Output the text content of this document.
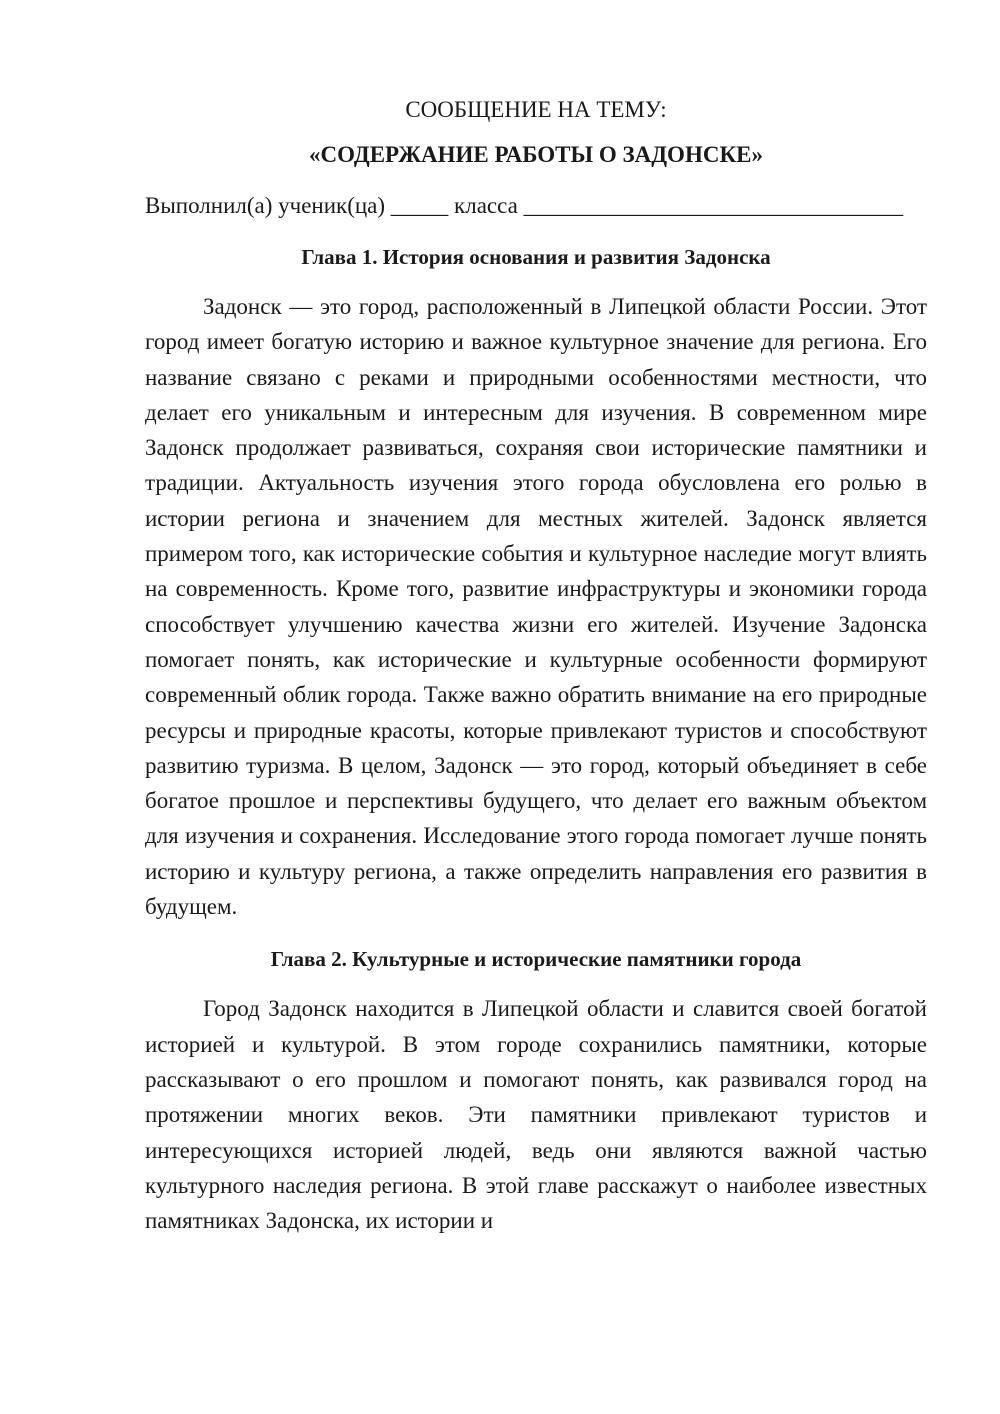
СООБЩЕНИЕ НА ТЕМУ:

«СОДЕРЖАНИЕ РАБОТЫ О ЗАДОНСКЕ»

Выполнил(а) ученик(ца) _____ класса _________________________________

Глава 1. История основания и развития Задонска

Задонск — это город, расположенный в Липецкой области России. Этот город имеет богатую историю и важное культурное значение для региона. Его название связано с реками и природными особенностями местности, что делает его уникальным и интересным для изучения. В современном мире Задонск продолжает развиваться, сохраняя свои исторические памятники и традиции. Актуальность изучения этого города обусловлена его ролью в истории региона и значением для местных жителей. Задонск является примером того, как исторические события и культурное наследие могут влиять на современность. Кроме того, развитие инфраструктуры и экономики города способствует улучшению качества жизни его жителей. Изучение Задонска помогает понять, как исторические и культурные особенности формируют современный облик города. Также важно обратить внимание на его природные ресурсы и природные красоты, которые привлекают туристов и способствуют развитию туризма. В целом, Задонск — это город, который объединяет в себе богатое прошлое и перспективы будущего, что делает его важным объектом для изучения и сохранения. Исследование этого города помогает лучше понять историю и культуру региона, а также определить направления его развития в будущем.

Глава 2. Культурные и исторические памятники города

Город Задонск находится в Липецкой области и славится своей богатой историей и культурой. В этом городе сохранились памятники, которые рассказывают о его прошлом и помогают понять, как развивался город на протяжении многих веков. Эти памятники привлекают туристов и интересующихся историей людей, ведь они являются важной частью культурного наследия региона. В этой главе расскажут о наиболее известных памятниках Задонска, их истории и
